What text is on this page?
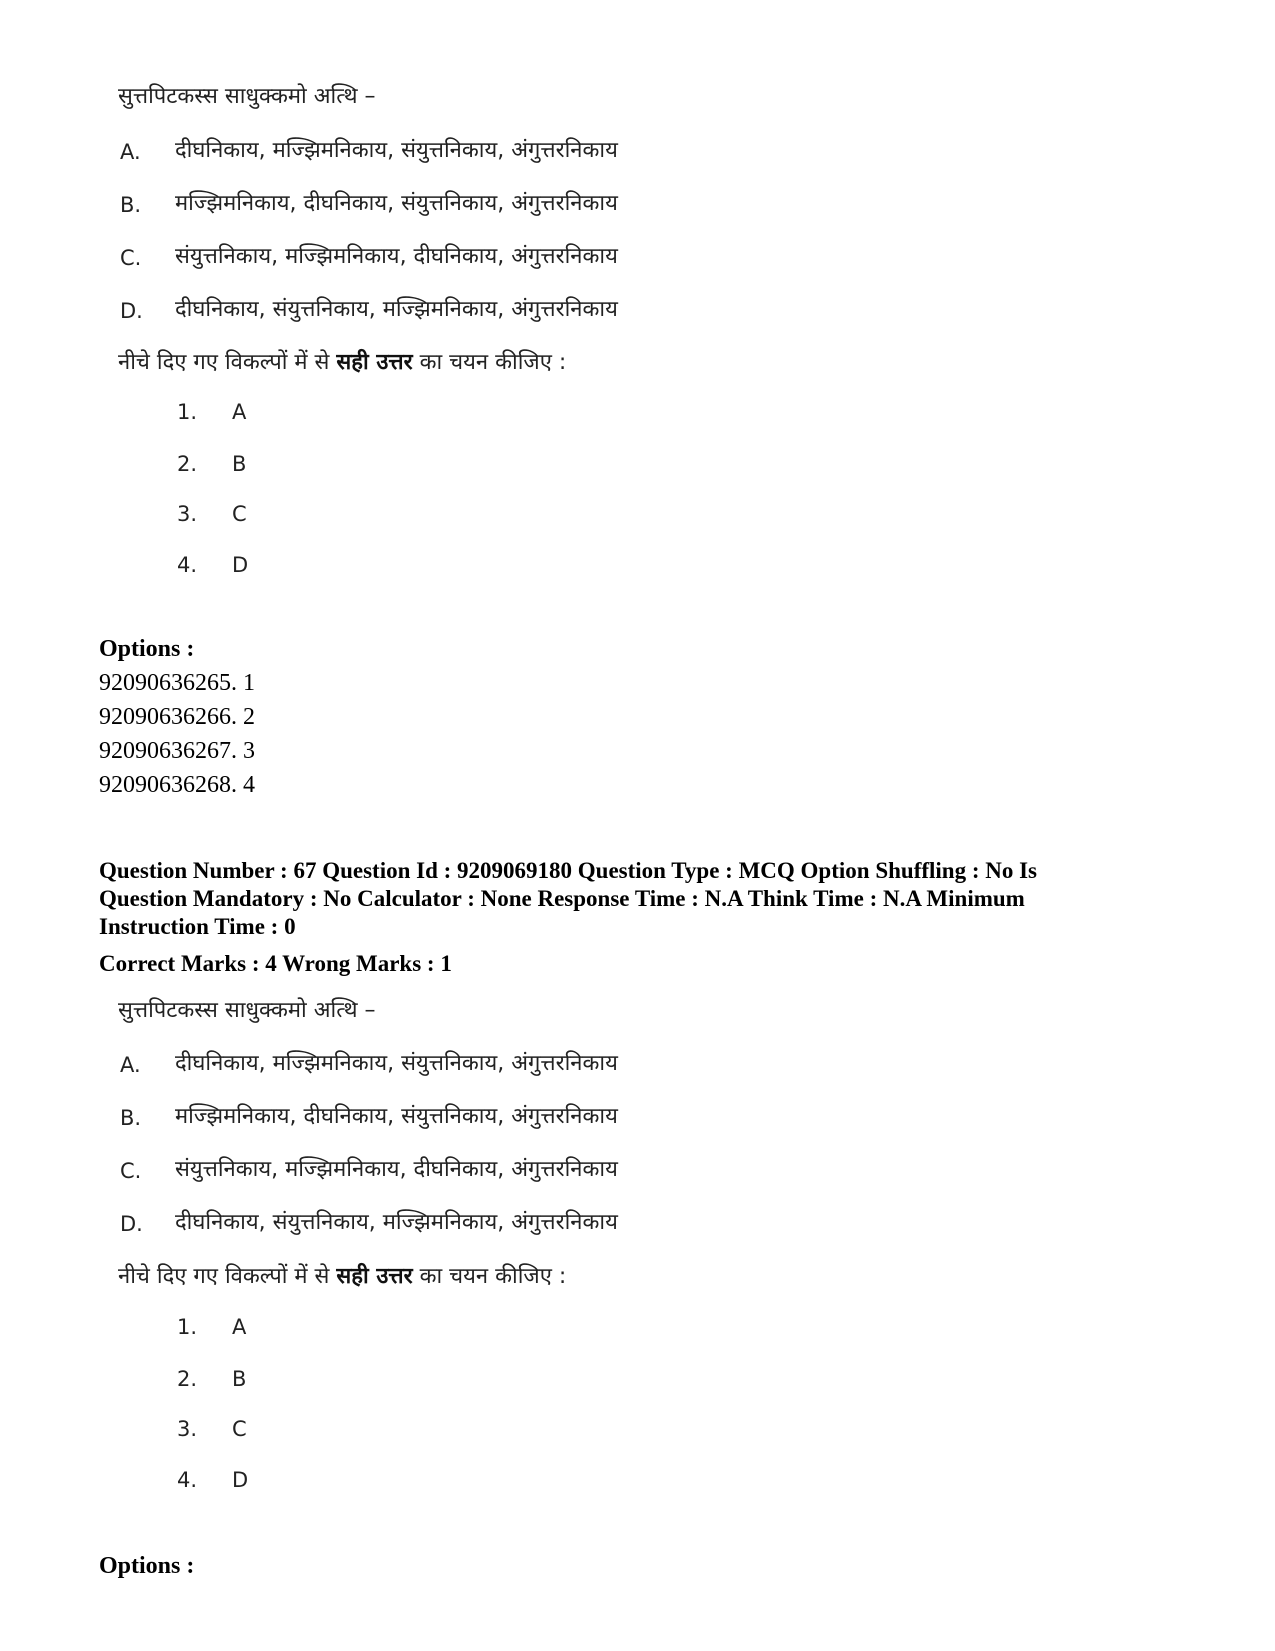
सुत्तपिटकस्स साधुक्कमो अत्थि –
A. दीघनिकाय, मज्झिमनिकाय, संयुत्तनिकाय, अंगुत्तरनिकाय
B. मज्झिमनिकाय, दीघनिकाय, संयुत्तनिकाय, अंगुत्तरनिकाय
C. संयुत्तनिकाय, मज्झिमनिकाय, दीघनिकाय, अंगुत्तरनिकाय
D. दीघनिकाय, संयुत्तनिकाय, मज्झिमनिकाय, अंगुत्तरनिकाय
नीचे दिए गए विकल्पों में से सही उत्तर का चयन कीजिए :
1. A
2. B
3. C
4. D
Options :
92090636265. 1
92090636266. 2
92090636267. 3
92090636268. 4
Question Number : 67 Question Id : 9209069180 Question Type : MCQ Option Shuffling : No Is
Question Mandatory : No Calculator : None Response Time : N.A Think Time : N.A Minimum
Instruction Time : 0
Correct Marks : 4 Wrong Marks : 1
सुत्तपिटकस्स साधुक्कमो अत्थि –
A. दीघनिकाय, मज्झिमनिकाय, संयुत्तनिकाय, अंगुत्तरनिकाय
B. मज्झिमनिकाय, दीघनिकाय, संयुत्तनिकाय, अंगुत्तरनिकाय
C. संयुत्तनिकाय, मज्झिमनिकाय, दीघनिकाय, अंगुत्तरनिकाय
D. दीघनिकाय, संयुत्तनिकाय, मज्झिमनिकाय, अंगुत्तरनिकाय
नीचे दिए गए विकल्पों में से सही उत्तर का चयन कीजिए :
1. A
2. B
3. C
4. D
Options :
